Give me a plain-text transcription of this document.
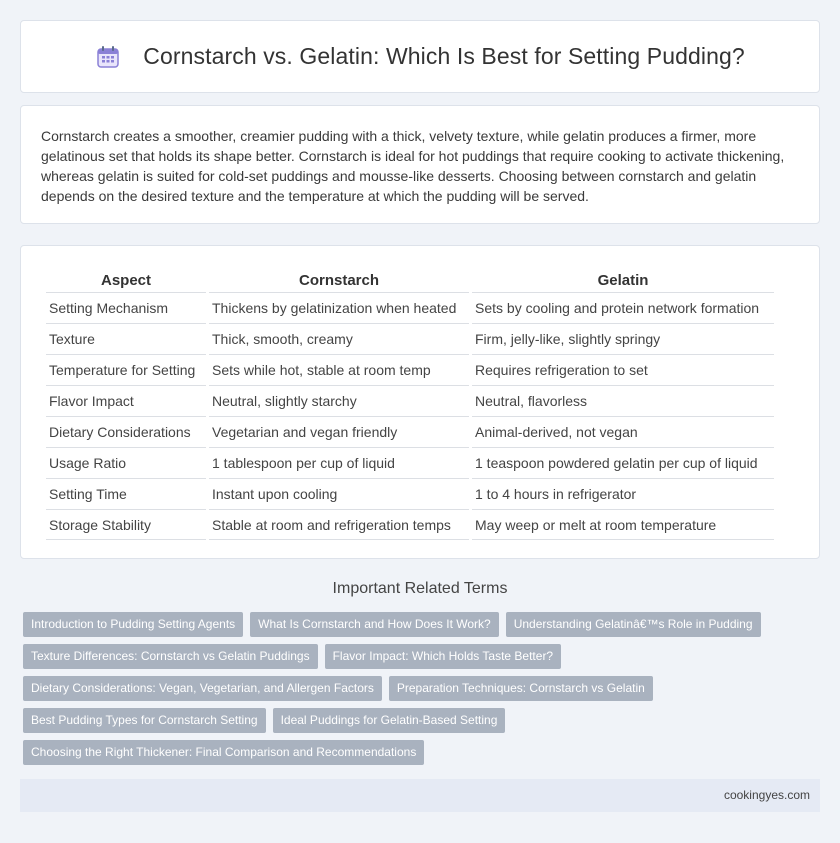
Cornstarch vs. Gelatin: Which Is Best for Setting Pudding?

Cornstarch creates a smoother, creamier pudding with a thick, velvety texture, while gelatin produces a firmer, more gelatinous set that holds its shape better. Cornstarch is ideal for hot puddings that require cooking to activate thickening, whereas gelatin is suited for cold-set puddings and mousse-like desserts. Choosing between cornstarch and gelatin depends on the desired texture and the temperature at which the pudding will be served.

Aspect	Cornstarch	Gelatin
Setting Mechanism	Thickens by gelatinization when heated	Sets by cooling and protein network formation
Texture	Thick, smooth, creamy	Firm, jelly-like, slightly springy
Temperature for Setting	Sets while hot, stable at room temp	Requires refrigeration to set
Flavor Impact	Neutral, slightly starchy	Neutral, flavorless
Dietary Considerations	Vegetarian and vegan friendly	Animal-derived, not vegan
Usage Ratio	1 tablespoon per cup of liquid	1 teaspoon powdered gelatin per cup of liquid
Setting Time	Instant upon cooling	1 to 4 hours in refrigerator
Storage Stability	Stable at room and refrigeration temps	May weep or melt at room temperature
Important Related Terms
Introduction to Pudding Setting Agents	What Is Cornstarch and How Does It Work?	Understanding Gelatinâ€™s Role in Pudding
Texture Differences: Cornstarch vs Gelatin Puddings	Flavor Impact: Which Holds Taste Better?
Dietary Considerations: Vegan, Vegetarian, and Allergen Factors	Preparation Techniques: Cornstarch vs Gelatin
Best Pudding Types for Cornstarch Setting	Ideal Puddings for Gelatin-Based Setting
Choosing the Right Thickener: Final Comparison and Recommendations
cookingyes.com
